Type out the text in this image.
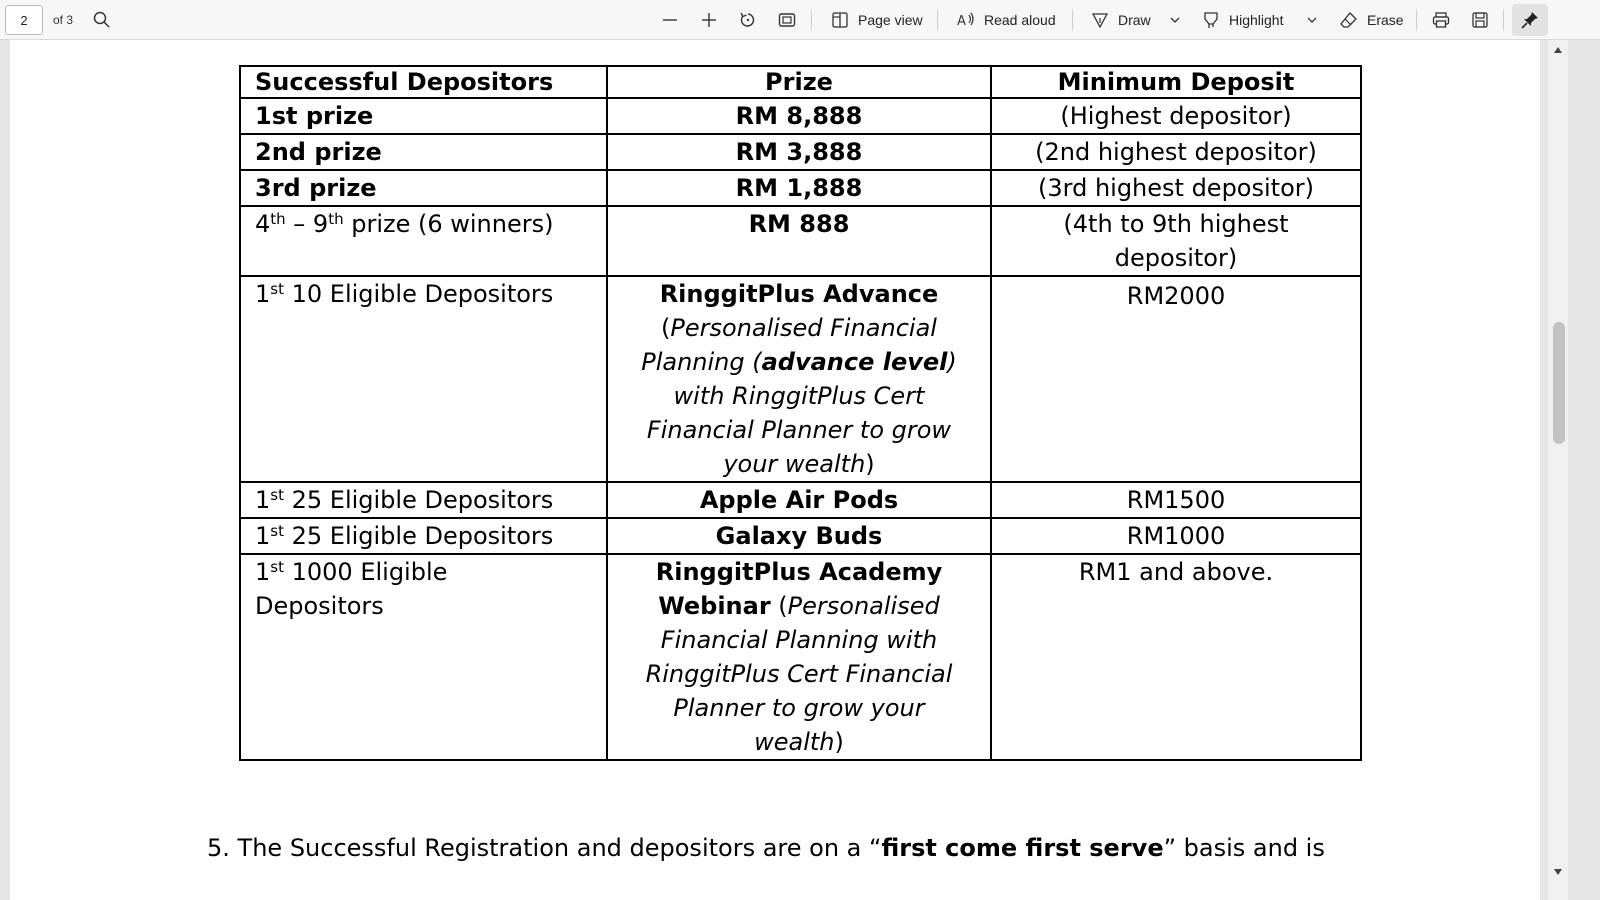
2
of 3	Page view	A Read aloud	Draw	Highlight	Erase
Successful Depositors	Prize	Minimum Deposit
1st prize	RM 8,888	(Highest depositor)
2nd prize	RM 3,888	(2nd highest depositor)
3rd prize	RM 1,888	(3rd highest depositor)
4th – 9th prize (6 winners)	RM 888	(4th to 9th highest depositor)
1st 10 Eligible Depositors	RinggitPlus Advance (Personalised Financial Planning (advance level) with RinggitPlus Cert Financial Planner to grow your wealth)	RM2000
1st 25 Eligible Depositors	Apple Air Pods	RM1500
1st 25 Eligible Depositors	Galaxy Buds	RM1000
1st 1000 Eligible Depositors	RinggitPlus Academy Webinar (Personalised Financial Planning with RinggitPlus Cert Financial Planner to grow your wealth)	RM1 and above.
5. The Successful Registration and depositors are on a “first come first serve” basis and is
